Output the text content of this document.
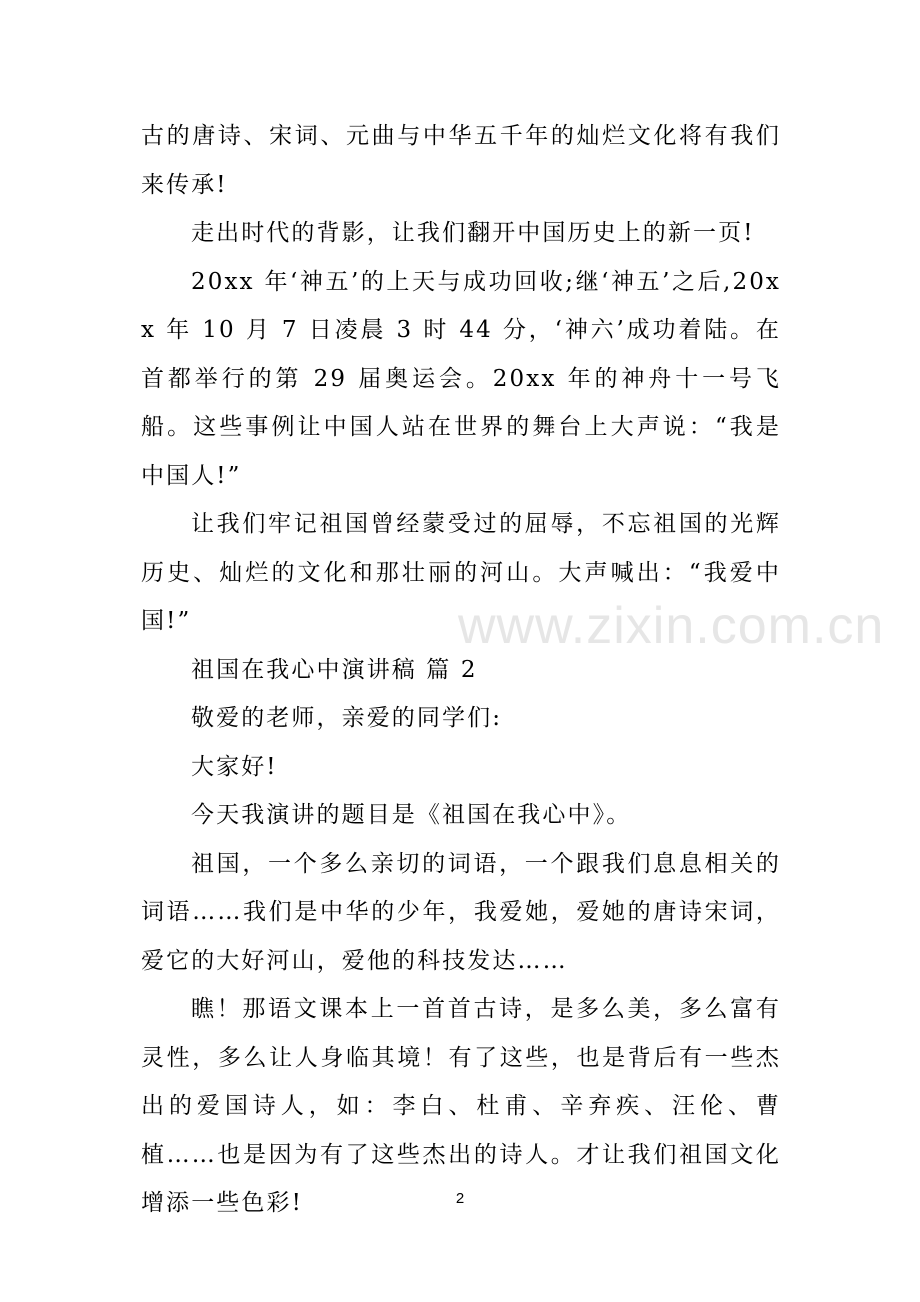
www.zixin.com.cn

古的唐诗、宋词、元曲与中华五千年的灿烂文化将有我们来传承!

走出时代的背影，让我们翻开中国历史上的新一页!

20xx 年‘神五’的上天与成功回收;继‘神五’之后,20xx 年 10 月 7 日凌晨 3 时 44 分，‘神六’成功着陆。在首都举行的第 29 届奥运会。20xx 年的神舟十一号飞船。这些事例让中国人站在世界的舞台上大声说：“我是中国人!”

让我们牢记祖国曾经蒙受过的屈辱，不忘祖国的光辉历史、灿烂的文化和那壮丽的河山。大声喊出：“我爱中国!”

祖国在我心中演讲稿 篇 2

敬爱的老师，亲爱的同学们:

大家好!

今天我演讲的题目是《祖国在我心中》。

祖国，一个多么亲切的词语，一个跟我们息息相关的词语……我们是中华的少年，我爱她，爱她的唐诗宋词，爱它的大好河山，爱他的科技发达……

瞧！那语文课本上一首首古诗，是多么美，多么富有灵性，多么让人身临其境！有了这些，也是背后有一些杰出的爱国诗人，如：李白、杜甫、辛弃疾、汪伦、曹植……也是因为有了这些杰出的诗人。才让我们祖国文化增添一些色彩!	2
